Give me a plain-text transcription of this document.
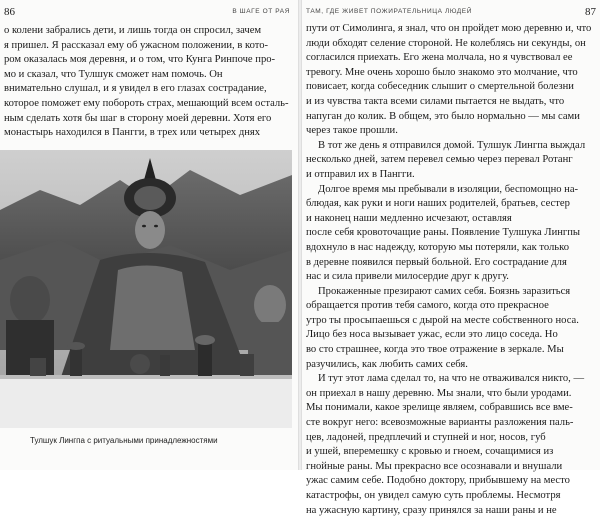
86	В ШАГЕ ОТ РАЯ
о колени забрались дети, и лишь тогда он спросил, зачем
я пришел. Я рассказал ему об ужасном положении, в кото-
ром оказалась моя деревня, и о том, что Кунга Ринпоче про-
мо и сказал, что Тулшук сможет нам помочь. Он
внимательно слушал, и я увидел в его глазах сострадание,
которое поможет ему побороть страх, мешающий всем осталь-
ным сделать хотя бы шаг в сторону моей деревни. Хотя его
монастырь находился в Пангги, в трех или четырех днях
Тулшук Лингпа с ритуальными принадлежностями
ТАМ, ГДЕ ЖИВЕТ ПОЖИРАТЕЛЬНИЦА ЛЮДЕЙ	87
пути от Симолинга, я знал, что он пройдет мою деревню и, что
люди обходят селение стороной. Не колеблясь ни секунды, он
согласился приехать. Его жена молчала, но я чувствовал ее
тревогу. Мне очень хорошо было знакомо это молчание, что
повисает, когда собеседник слышит о смертельной болезни
и из чувства такта всеми силами пытается не выдать, что
напуган до колик. В общем, это было нормально — мы сами
через такое прошли.
В тот же день я отправился домой. Тулшук Лингпа выждал
несколько дней, затем перевел семью через перевал Ротанг
и отправил их в Пангги.
Долгое время мы пребывали в изоляции, беспомощно на-
блюдая, как руки и ноги наших родителей, братьев, сестер
и наконец наши медленно исчезают, оставляя
после себя кровоточащие раны. Появление Тулшука Лингпы
вдохнуло в нас надежду, которую мы потеряли, как только
в деревне появился первый больной. Его сострадание для
нас и сила привели милосердие друг к другу.
Прокаженные презирают самих себя. Боязнь заразиться
обращается против тебя самого, когда ото прекрасное
утро ты просыпаешься с дырой на месте собственного носа.
Лицо без носа вызывает ужас, если это лицо соседа. Но
во сто страшнее, когда это твое отражение в зеркале. Мы
разучились, как любить самих себя.
И тут этот лама сделал то, на что не отваживался никто, —
он приехал в нашу деревню. Мы знали, что были уродами.
Мы понимали, какое зрелище являем, собравшись все вме-
сте вокруг него: всевозможные варианты разложения паль-
цев, ладоней, предплечий и ступней и ног, носов, губ
и ушей, вперемешку с кровью и гноем, сочащимися из
гнойные раны. Мы прекрасно все осознавали и внушали
ужас самим себе. Подобно доктору, прибывшему на место
катастрофы, он увидел самую суть проблемы. Несмотря
на ужасную картину, сразу принялся за наши раны и не
